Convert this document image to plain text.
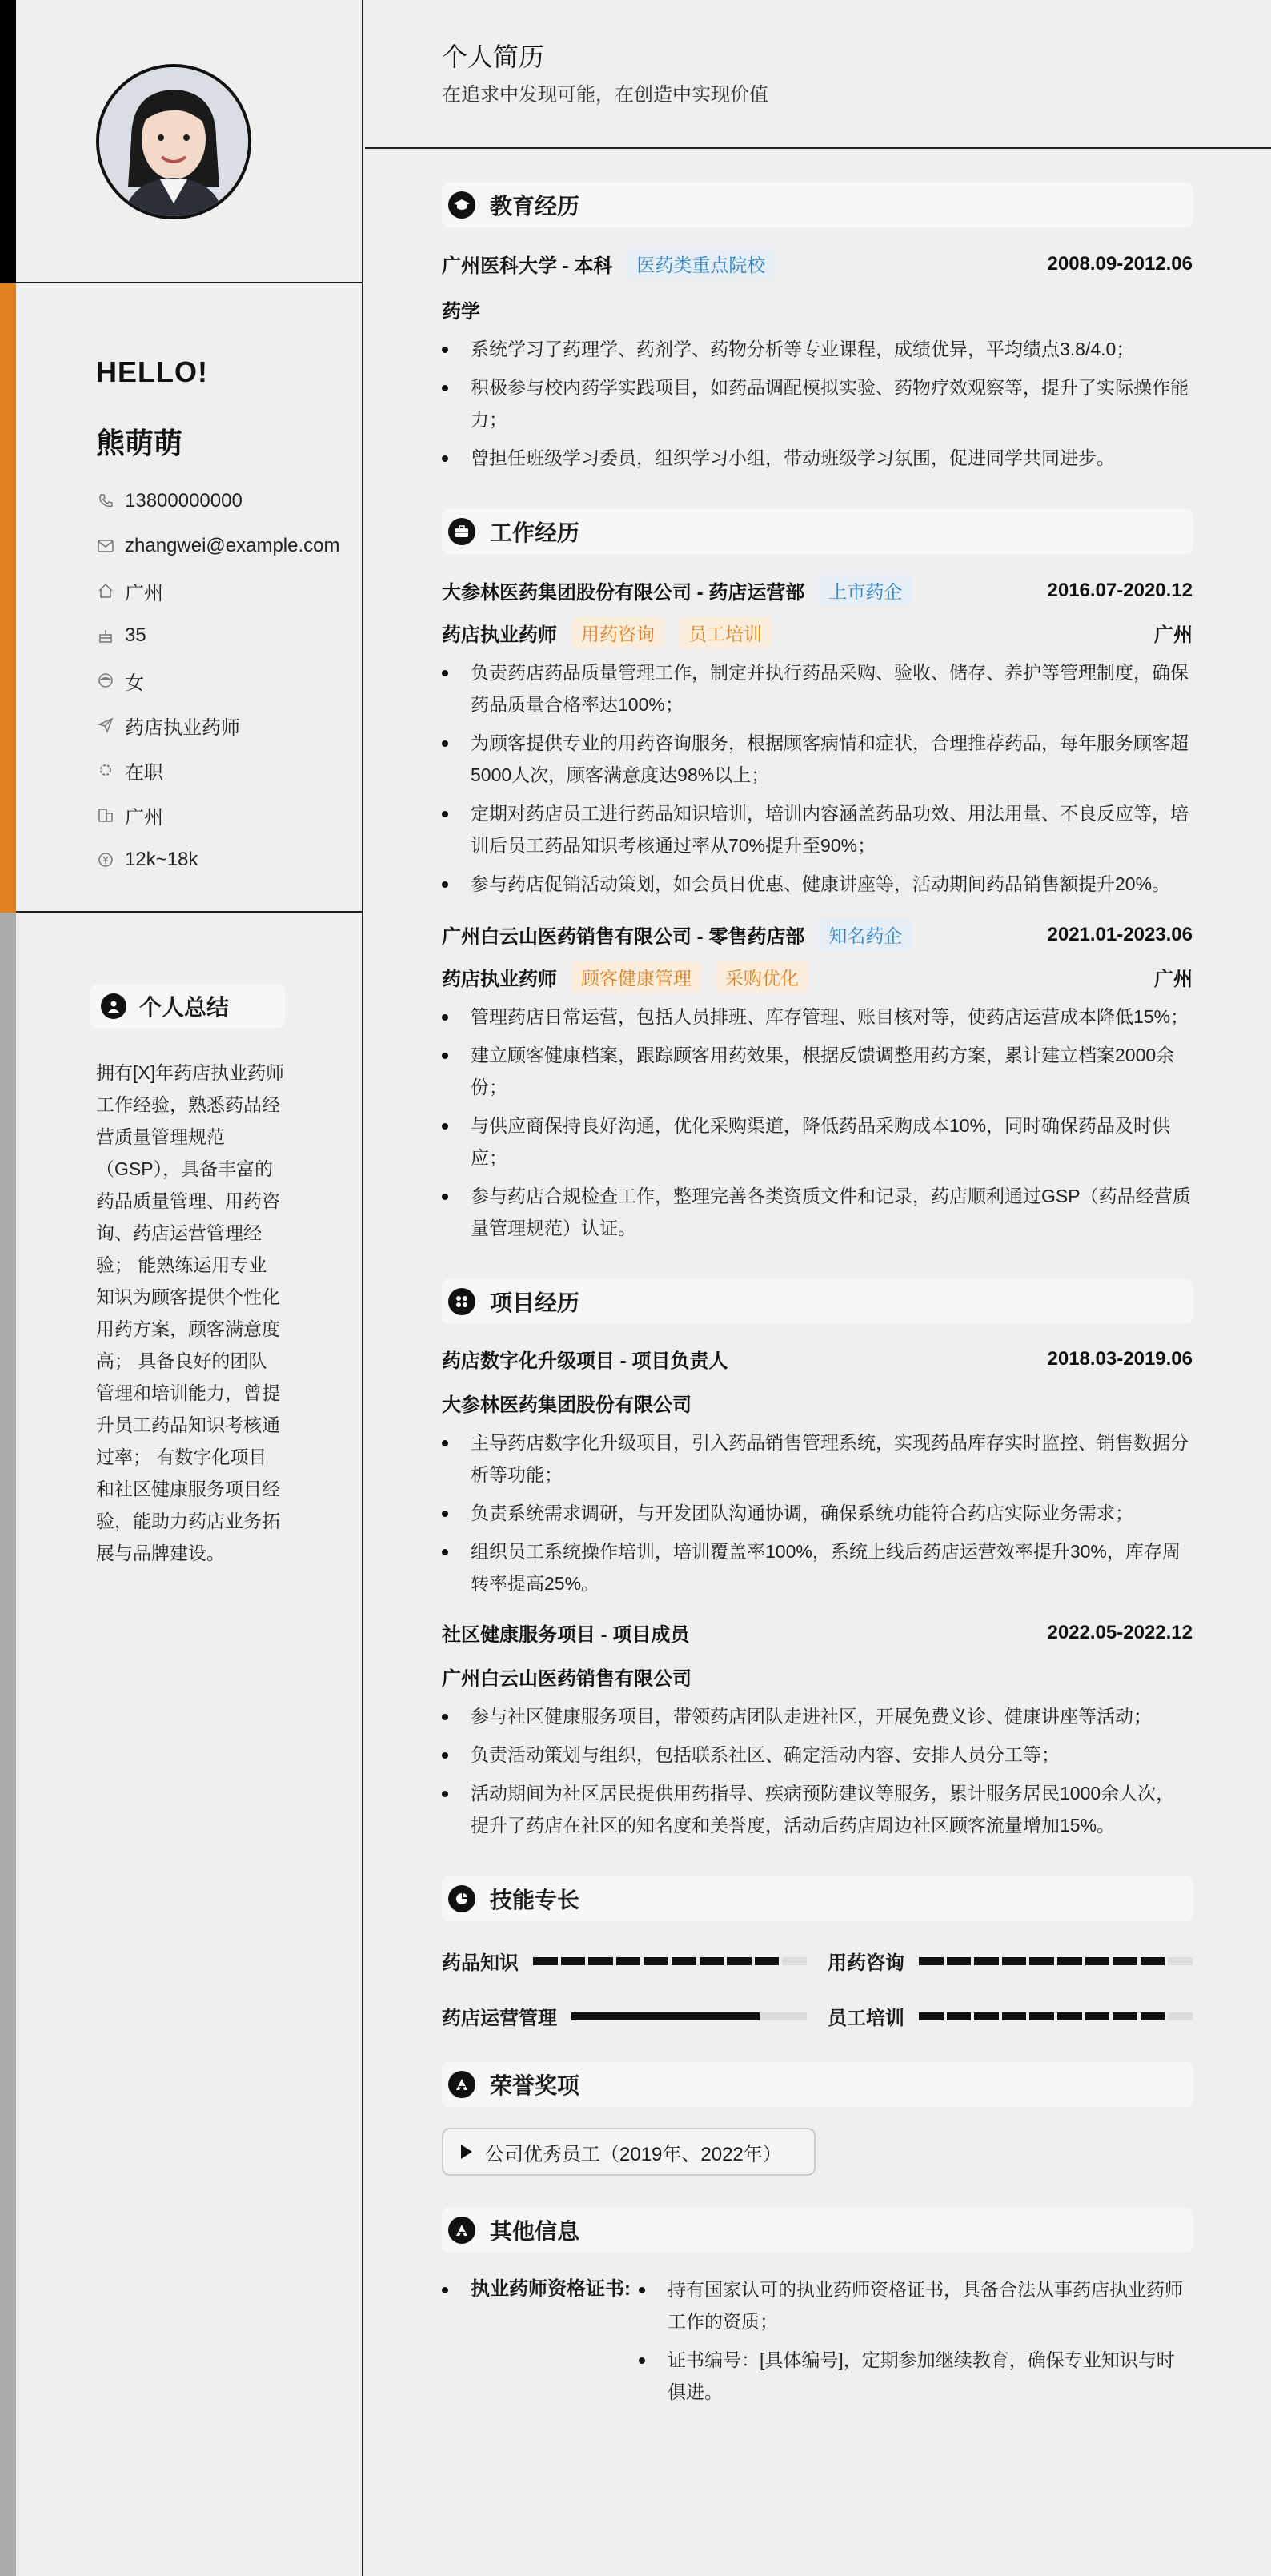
HELLO!
熊萌萌
13800000000
zhangwei@example.com
广州
35
女
药店执业药师
在职
广州
12k~18k
个人总结
拥有[X]年药店执业药师工作经验，熟悉药品经营质量管理规范（GSP），具备丰富的药品质量管理、用药咨询、药店运营管理经验； 能熟练运用专业知识为顾客提供个性化用药方案，顾客满意度高； 具备良好的团队管理和培训能力，曾提升员工药品知识考核通过率； 有数字化项目和社区健康服务项目经验，能助力药店业务拓展与品牌建设。
个人简历
在追求中发现可能，在创造中实现价值
教育经历
广州医科大学 - 本科	医药类重点院校	2008.09-2012.06
药学
系统学习了药理学、药剂学、药物分析等专业课程，成绩优异，平均绩点3.8/4.0；
积极参与校内药学实践项目，如药品调配模拟实验、药物疗效观察等，提升了实际操作能力；
曾担任班级学习委员，组织学习小组，带动班级学习氛围，促进同学共同进步。
工作经历
大参林医药集团股份有限公司 - 药店运营部	上市药企	2016.07-2020.12
药店执业药师	用药咨询	员工培训	广州
负责药店药品质量管理工作，制定并执行药品采购、验收、储存、养护等管理制度，确保药品质量合格率达100%；
为顾客提供专业的用药咨询服务，根据顾客病情和症状，合理推荐药品，每年服务顾客超5000人次，顾客满意度达98%以上；
定期对药店员工进行药品知识培训，培训内容涵盖药品功效、用法用量、不良反应等，培训后员工药品知识考核通过率从70%提升至90%；
参与药店促销活动策划，如会员日优惠、健康讲座等，活动期间药品销售额提升20%。
广州白云山医药销售有限公司 - 零售药店部	知名药企	2021.01-2023.06
药店执业药师	顾客健康管理	采购优化	广州
管理药店日常运营，包括人员排班、库存管理、账目核对等，使药店运营成本降低15%；
建立顾客健康档案，跟踪顾客用药效果，根据反馈调整用药方案，累计建立档案2000余份；
与供应商保持良好沟通，优化采购渠道，降低药品采购成本10%，同时确保药品及时供应；
参与药店合规检查工作，整理完善各类资质文件和记录，药店顺利通过GSP（药品经营质量管理规范）认证。
项目经历
药店数字化升级项目 - 项目负责人	2018.03-2019.06
大参林医药集团股份有限公司
主导药店数字化升级项目，引入药品销售管理系统，实现药品库存实时监控、销售数据分析等功能；
负责系统需求调研，与开发团队沟通协调，确保系统功能符合药店实际业务需求；
组织员工系统操作培训，培训覆盖率100%，系统上线后药店运营效率提升30%，库存周转率提高25%。
社区健康服务项目 - 项目成员	2022.05-2022.12
广州白云山医药销售有限公司
参与社区健康服务项目，带领药店团队走进社区，开展免费义诊、健康讲座等活动；
负责活动策划与组织，包括联系社区、确定活动内容、安排人员分工等；
活动期间为社区居民提供用药指导、疾病预防建议等服务，累计服务居民1000余人次，提升了药店在社区的知名度和美誉度，活动后药店周边社区顾客流量增加15%。
技能专长
药品知识	用药咨询
药店运营管理	员工培训
荣誉奖项
公司优秀员工（2019年、2022年）
其他信息
执业药师资格证书:	持有国家认可的执业药师资格证书，具备合法从事药店执业药师工作的资质；
证书编号：[具体编号]，定期参加继续教育，确保专业知识与时俱进。
